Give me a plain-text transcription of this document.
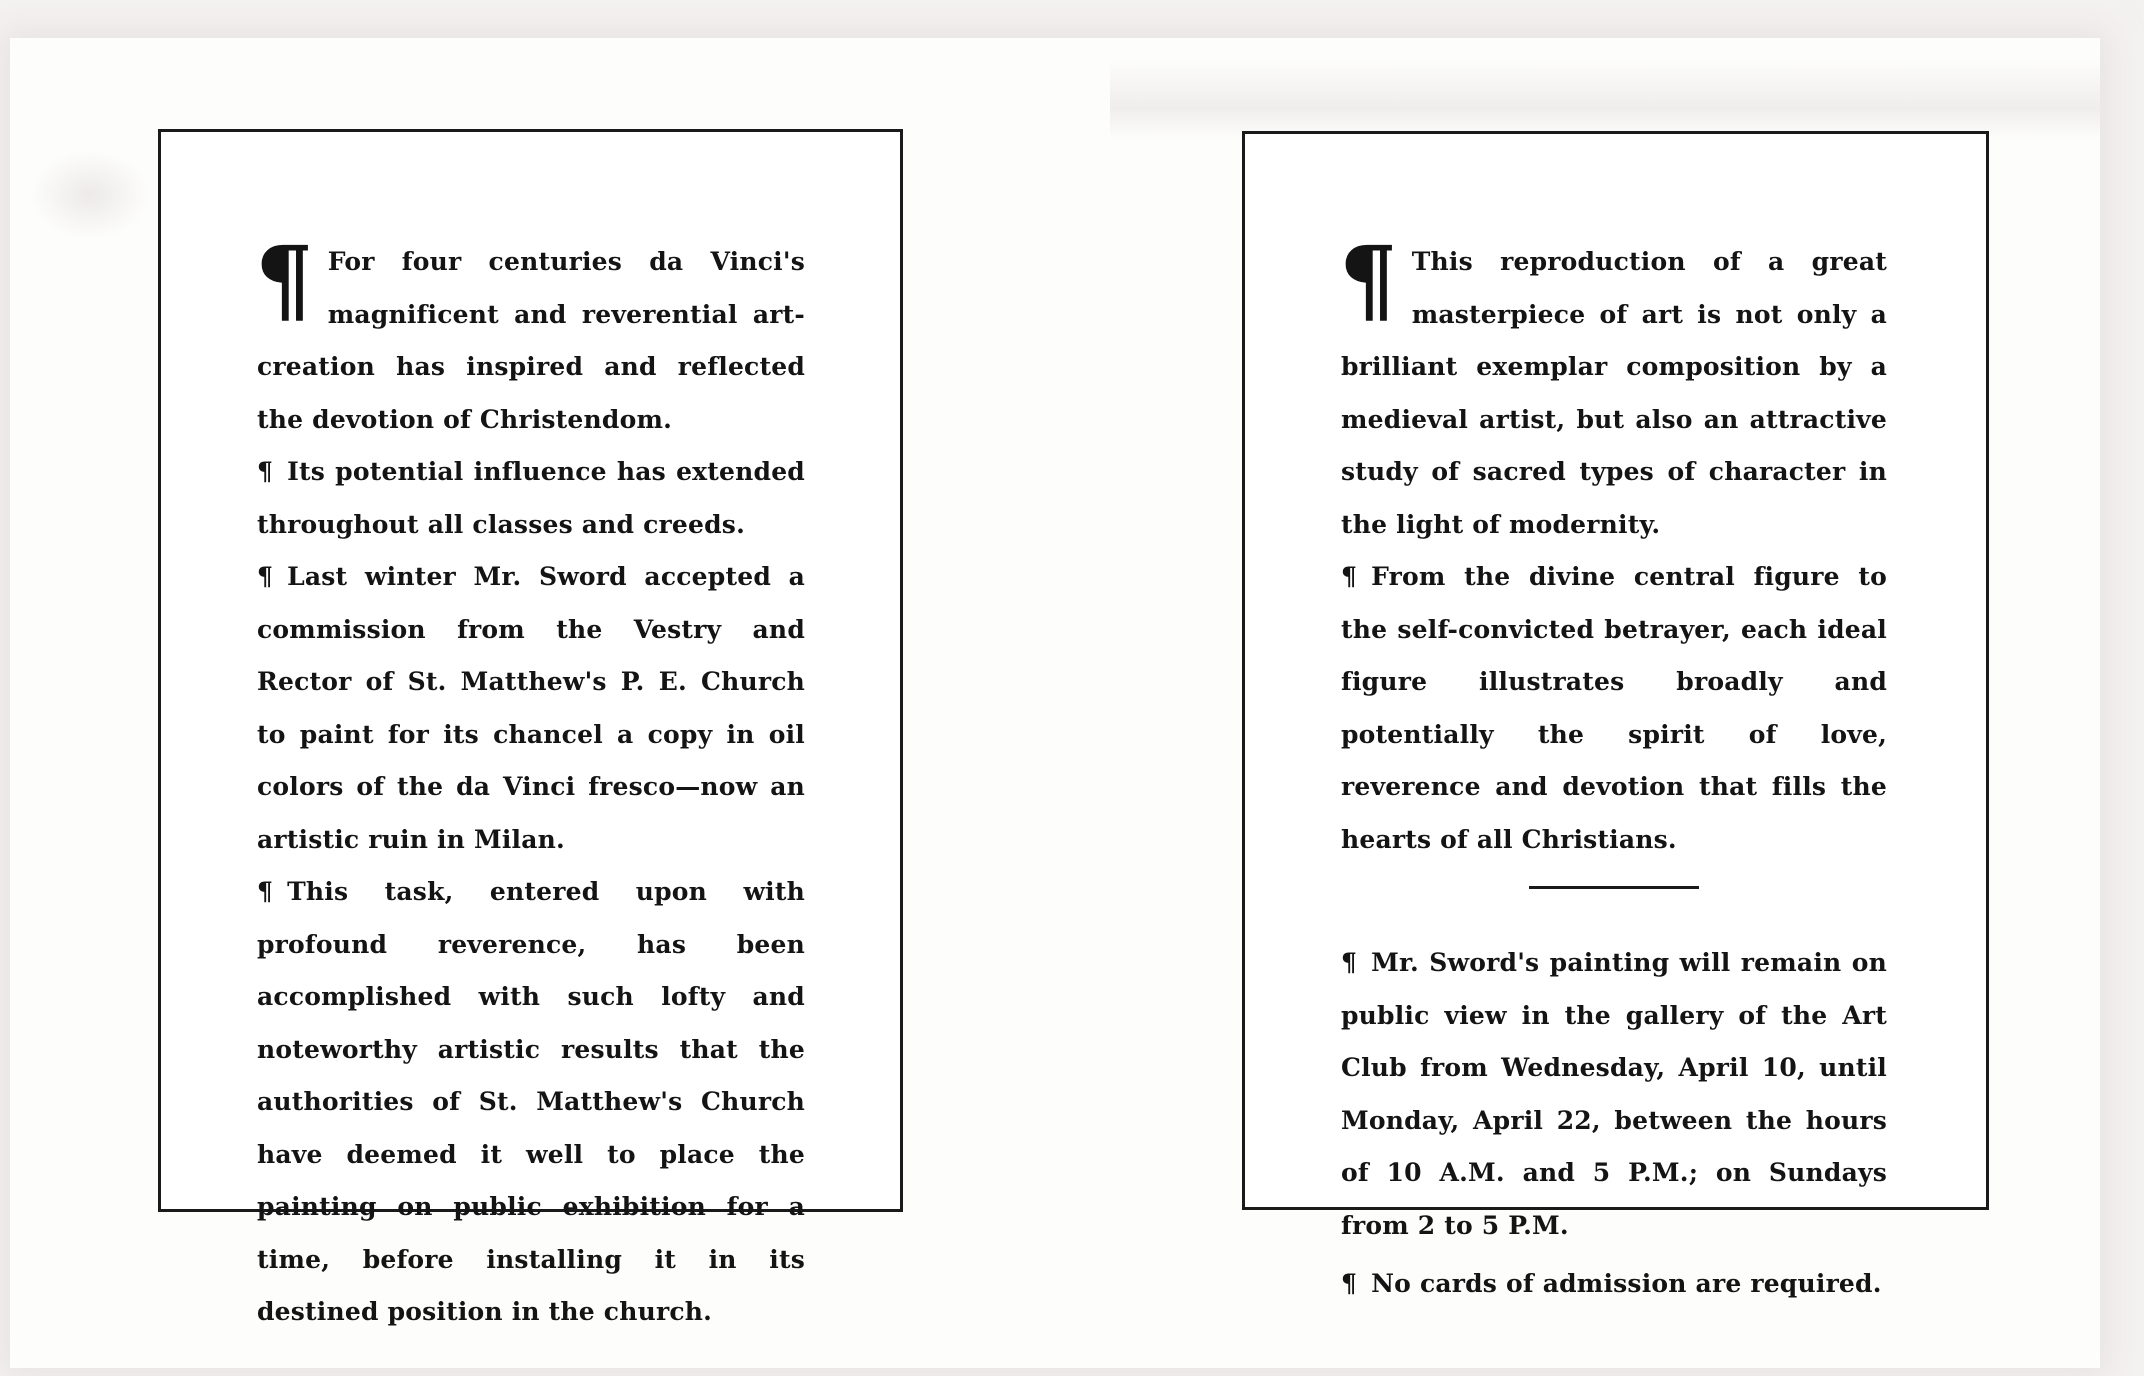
¶ For four centuries da Vinci's magnificent and reverential art-creation has inspired and reflected the devotion of Christendom.

¶ Its potential influence has extended throughout all classes and creeds.

¶ Last winter Mr. Sword accepted a commission from the Vestry and Rector of St. Matthew's P. E. Church to paint for its chancel a copy in oil colors of the da Vinci fresco—now an artistic ruin in Milan.

¶ This task, entered upon with profound reverence, has been accomplished with such lofty and noteworthy artistic results that the authorities of St. Matthew's Church have deemed it well to place the painting on public exhibition for a time, before installing it in its destined position in the church.

¶ This reproduction of a great masterpiece of art is not only a brilliant exemplar composition by a medieval artist, but also an attractive study of sacred types of character in the light of modernity.

¶ From the divine central figure to the self-convicted betrayer, each ideal figure illustrates broadly and potentially the spirit of love, reverence and devotion that fills the hearts of all Christians.

¶ Mr. Sword's painting will remain on public view in the gallery of the Art Club from Wednesday, April 10, until Monday, April 22, between the hours of 10 A.M. and 5 P.M.; on Sundays from 2 to 5 P.M.

¶ No cards of admission are required.
